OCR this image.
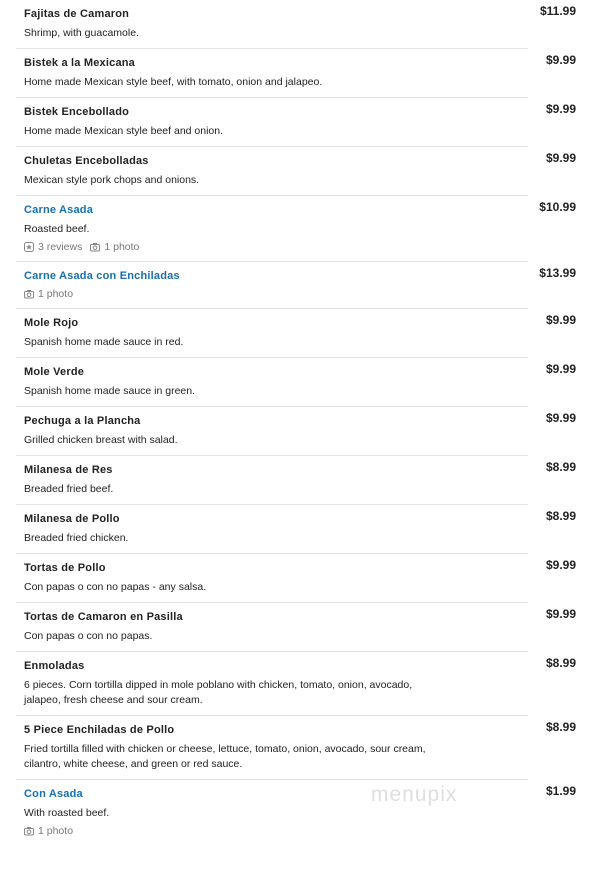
Fajitas de Camaron	$11.99
Shrimp, with guacamole.
Bistek a la Mexicana	$9.99
Home made Mexican style beef, with tomato, onion and jalapeo.
Bistek Encebollado	$9.99
Home made Mexican style beef and onion.
Chuletas Encebolladas	$9.99
Mexican style pork chops and onions.
Carne Asada	$10.99
Roasted beef.
3 reviews 1 photo
Carne Asada con Enchiladas	$13.99
1 photo
Mole Rojo	$9.99
Spanish home made sauce in red.
Mole Verde	$9.99
Spanish home made sauce in green.
Pechuga a la Plancha	$9.99
Grilled chicken breast with salad.
Milanesa de Res	$8.99
Breaded fried beef.
Milanesa de Pollo	$8.99
Breaded fried chicken.
Tortas de Pollo	$9.99
Con papas o con no papas - any salsa.
Tortas de Camaron en Pasilla	$9.99
Con papas o con no papas.
Enmoladas	$8.99
6 pieces. Corn tortilla dipped in mole poblano with chicken, tomato, onion, avocado, jalapeo, fresh cheese and sour cream.
5 Piece Enchiladas de Pollo	$8.99
Fried tortilla filled with chicken or cheese, lettuce, tomato, onion, avocado, sour cream, cilantro, white cheese, and green or red sauce.
Con Asada	$1.99
With roasted beef.
1 photo
menupix
